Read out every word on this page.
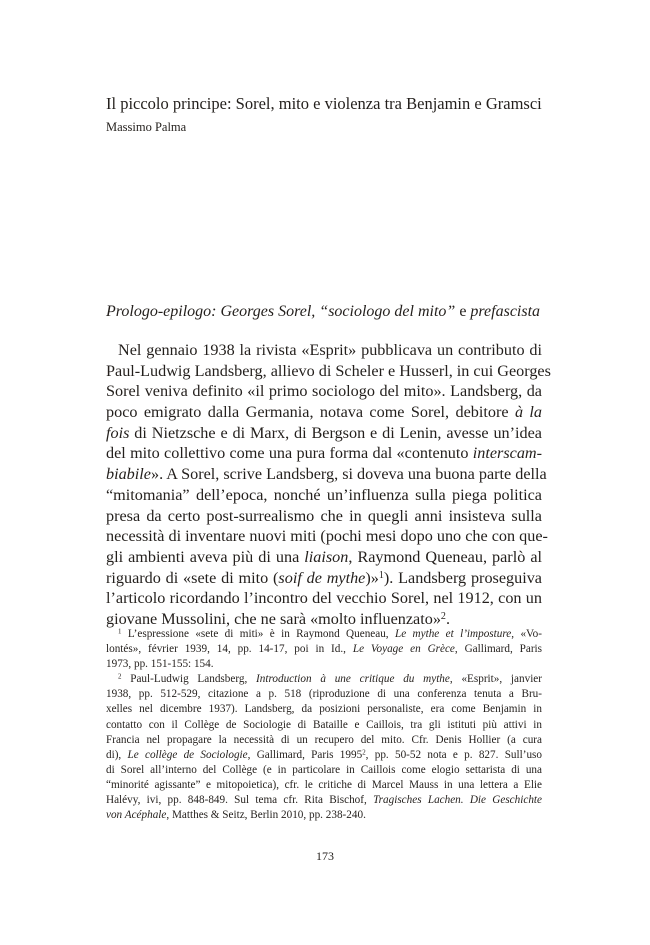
Il piccolo principe: Sorel, mito e violenza tra Benjamin e Gramsci
Massimo Palma
Prologo-epilogo: Georges Sorel, “sociologo del mito” e prefascista
Nel gennaio 1938 la rivista «Esprit» pubblicava un contributo di
Paul-Ludwig Landsberg, allievo di Scheler e Husserl, in cui Georges
Sorel veniva definito «il primo sociologo del mito». Landsberg, da
poco emigrato dalla Germania, notava come Sorel, debitore à la
fois di Nietzsche e di Marx, di Bergson e di Lenin, avesse un’idea
del mito collettivo come una pura forma dal «contenuto interscam-
biabile». A Sorel, scrive Landsberg, si doveva una buona parte della
“mitomania” dell’epoca, nonché un’influenza sulla piega politica
presa da certo post-surrealismo che in quegli anni insisteva sulla
necessità di inventare nuovi miti (pochi mesi dopo uno che con que-
gli ambienti aveva più di una liaison, Raymond Queneau, parlò al
riguardo di «sete di mito (soif de mythe)»$^1$). Landsberg proseguiva
l’articolo ricordando l’incontro del vecchio Sorel, nel 1912, con un
giovane Mussolini, che ne sarà «molto influenzato»$^2$.
$^1$ L’espressione «sete di miti» è in Raymond Queneau, Le mythe et l’imposture, «Vo-
lontés», février 1939, 14, pp. 14-17, poi in Id., Le Voyage en Grèce, Gallimard, Paris
1973, pp. 151-155: 154.
$^2$ Paul-Ludwig Landsberg, Introduction à une critique du mythe, «Esprit», janvier
1938, pp. 512-529, citazione a p. 518 (riproduzione di una conferenza tenuta a Bru-
xelles nel dicembre 1937). Landsberg, da posizioni personaliste, era come Benjamin in
contatto con il Collège de Sociologie di Bataille e Caillois, tra gli istituti più attivi in
Francia nel propagare la necessità di un recupero del mito. Cfr. Denis Hollier (a cura
di), Le collège de Sociologie, Gallimard, Paris 1995$^2$, pp. 50-52 nota e p. 827. Sull’uso
di Sorel all’interno del Collège (e in particolare in Caillois come elogio settarista di una
“minorité agissante” e mitopoietica), cfr. le critiche di Marcel Mauss in una lettera a Elie
Halévy, ivi, pp. 848-849. Sul tema cfr. Rita Bischof, Tragisches Lachen. Die Geschichte
von Acéphale, Matthes & Seitz, Berlin 2010, pp. 238-240.
173
